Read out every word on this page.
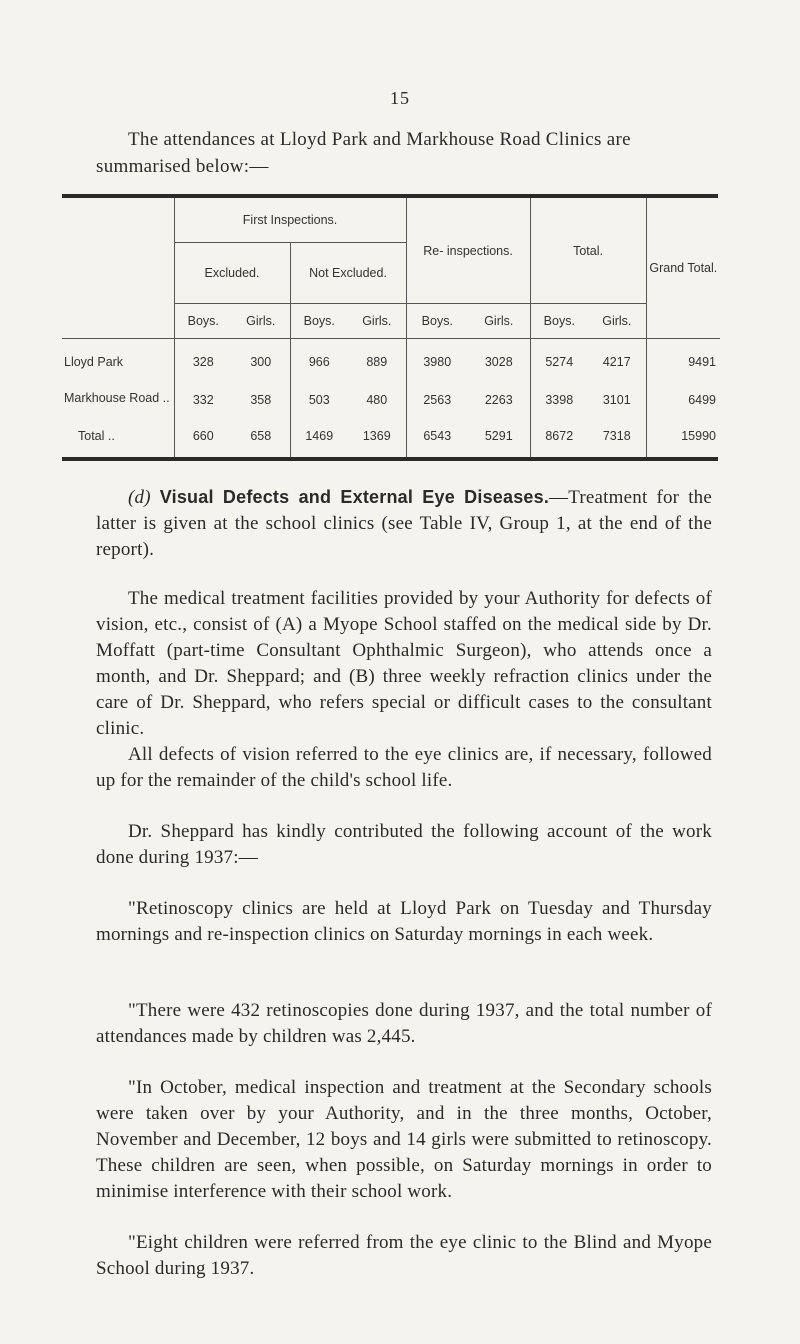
15
The attendances at Lloyd Park and Markhouse Road Clinics are summarised below:—
	First Inspections.				Re- inspections.		Total.		Grand Total.
	Excluded.		Not Excluded.						
	Boys.	Girls.	Boys.	Girls.	Boys.	Girls.	Boys.	Girls.	
Lloyd Park	328	300	966	889	3980	3028	5274	4217	9491
Markhouse Road ..	332	358	503	480	2563	2263	3398	3101	6499
Total ..	660	658	1469	1369	6543	5291	8672	7318	15990

(d) Visual Defects and External Eye Diseases.—Treatment for the latter is given at the school clinics (see Table IV, Group 1, at the end of the report).
The medical treatment facilities provided by your Authority for defects of vision, etc., consist of (A) a Myope School staffed on the medical side by Dr. Moffatt (part-time Consultant Ophthalmic Surgeon), who attends once a month, and Dr. Sheppard; and (B) three weekly refraction clinics under the care of Dr. Sheppard, who refers special or difficult cases to the consultant clinic.
All defects of vision referred to the eye clinics are, if necessary, followed up for the remainder of the child's school life.
Dr. Sheppard has kindly contributed the following account of the work done during 1937:—
"Retinoscopy clinics are held at Lloyd Park on Tuesday and Thursday mornings and re-inspection clinics on Saturday mornings in each week.
"There were 432 retinoscopies done during 1937, and the total number of attendances made by children was 2,445.
"In October, medical inspection and treatment at the Secondary schools were taken over by your Authority, and in the three months, October, November and December, 12 boys and 14 girls were submitted to retinoscopy. These children are seen, when possible, on Saturday mornings in order to minimise interference with their school work.
"Eight children were referred from the eye clinic to the Blind and Myope School during 1937.
